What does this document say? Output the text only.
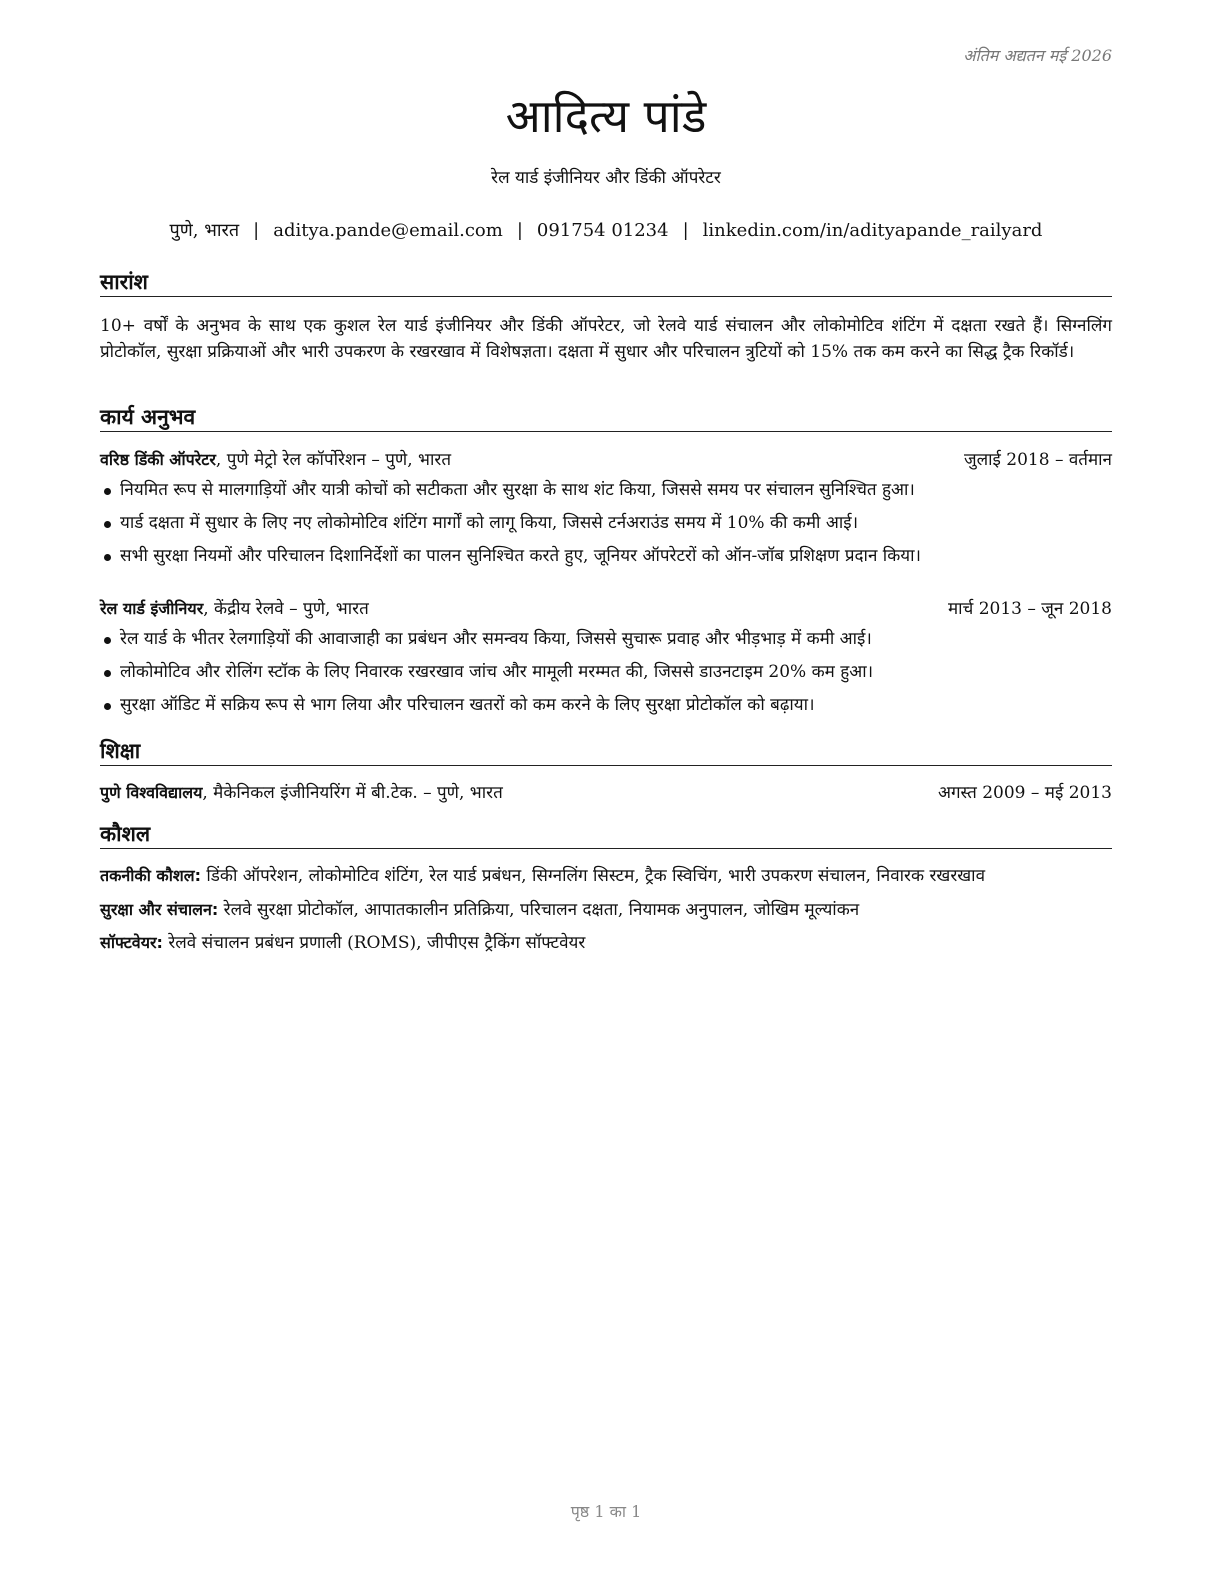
अंतिम अद्यतन मई 2026
आदित्य पांडे
रेल यार्ड इंजीनियर और डिंकी ऑपरेटर
पुणे, भारत | aditya.pande@email.com | 091754 01234 | linkedin.com/in/adityapande_railyard
सारांश
10+ वर्षों के अनुभव के साथ एक कुशल रेल यार्ड इंजीनियर और डिंकी ऑपरेटर, जो रेलवे यार्ड संचालन और लोकोमोटिव शंटिंग में दक्षता रखते हैं। सिग्नलिंग प्रोटोकॉल, सुरक्षा प्रक्रियाओं और भारी उपकरण के रखरखाव में विशेषज्ञता। दक्षता में सुधार और परिचालन त्रुटियों को 15% तक कम करने का सिद्ध ट्रैक रिकॉर्ड।
कार्य अनुभव
वरिष्ठ डिंकी ऑपरेटर, पुणे मेट्रो रेल कॉर्पोरेशन – पुणे, भारत	जुलाई 2018 – वर्तमान
नियमित रूप से मालगाड़ियों और यात्री कोचों को सटीकता और सुरक्षा के साथ शंट किया, जिससे समय पर संचालन सुनिश्चित हुआ।
यार्ड दक्षता में सुधार के लिए नए लोकोमोटिव शंटिंग मार्गों को लागू किया, जिससे टर्नअराउंड समय में 10% की कमी आई।
सभी सुरक्षा नियमों और परिचालन दिशानिर्देशों का पालन सुनिश्चित करते हुए, जूनियर ऑपरेटरों को ऑन-जॉब प्रशिक्षण प्रदान किया।
रेल यार्ड इंजीनियर, केंद्रीय रेलवे – पुणे, भारत	मार्च 2013 – जून 2018
रेल यार्ड के भीतर रेलगाड़ियों की आवाजाही का प्रबंधन और समन्वय किया, जिससे सुचारू प्रवाह और भीड़भाड़ में कमी आई।
लोकोमोटिव और रोलिंग स्टॉक के लिए निवारक रखरखाव जांच और मामूली मरम्मत की, जिससे डाउनटाइम 20% कम हुआ।
सुरक्षा ऑडिट में सक्रिय रूप से भाग लिया और परिचालन खतरों को कम करने के लिए सुरक्षा प्रोटोकॉल को बढ़ाया।
शिक्षा
पुणे विश्वविद्यालय, मैकेनिकल इंजीनियरिंग में बी.टेक. – पुणे, भारत	अगस्त 2009 – मई 2013
कौशल
तकनीकी कौशल: डिंकी ऑपरेशन, लोकोमोटिव शंटिंग, रेल यार्ड प्रबंधन, सिग्नलिंग सिस्टम, ट्रैक स्विचिंग, भारी उपकरण संचालन, निवारक रखरखाव
सुरक्षा और संचालन: रेलवे सुरक्षा प्रोटोकॉल, आपातकालीन प्रतिक्रिया, परिचालन दक्षता, नियामक अनुपालन, जोखिम मूल्यांकन
सॉफ्टवेयर: रेलवे संचालन प्रबंधन प्रणाली (ROMS), जीपीएस ट्रैकिंग सॉफ्टवेयर
पृष्ठ 1 का 1
